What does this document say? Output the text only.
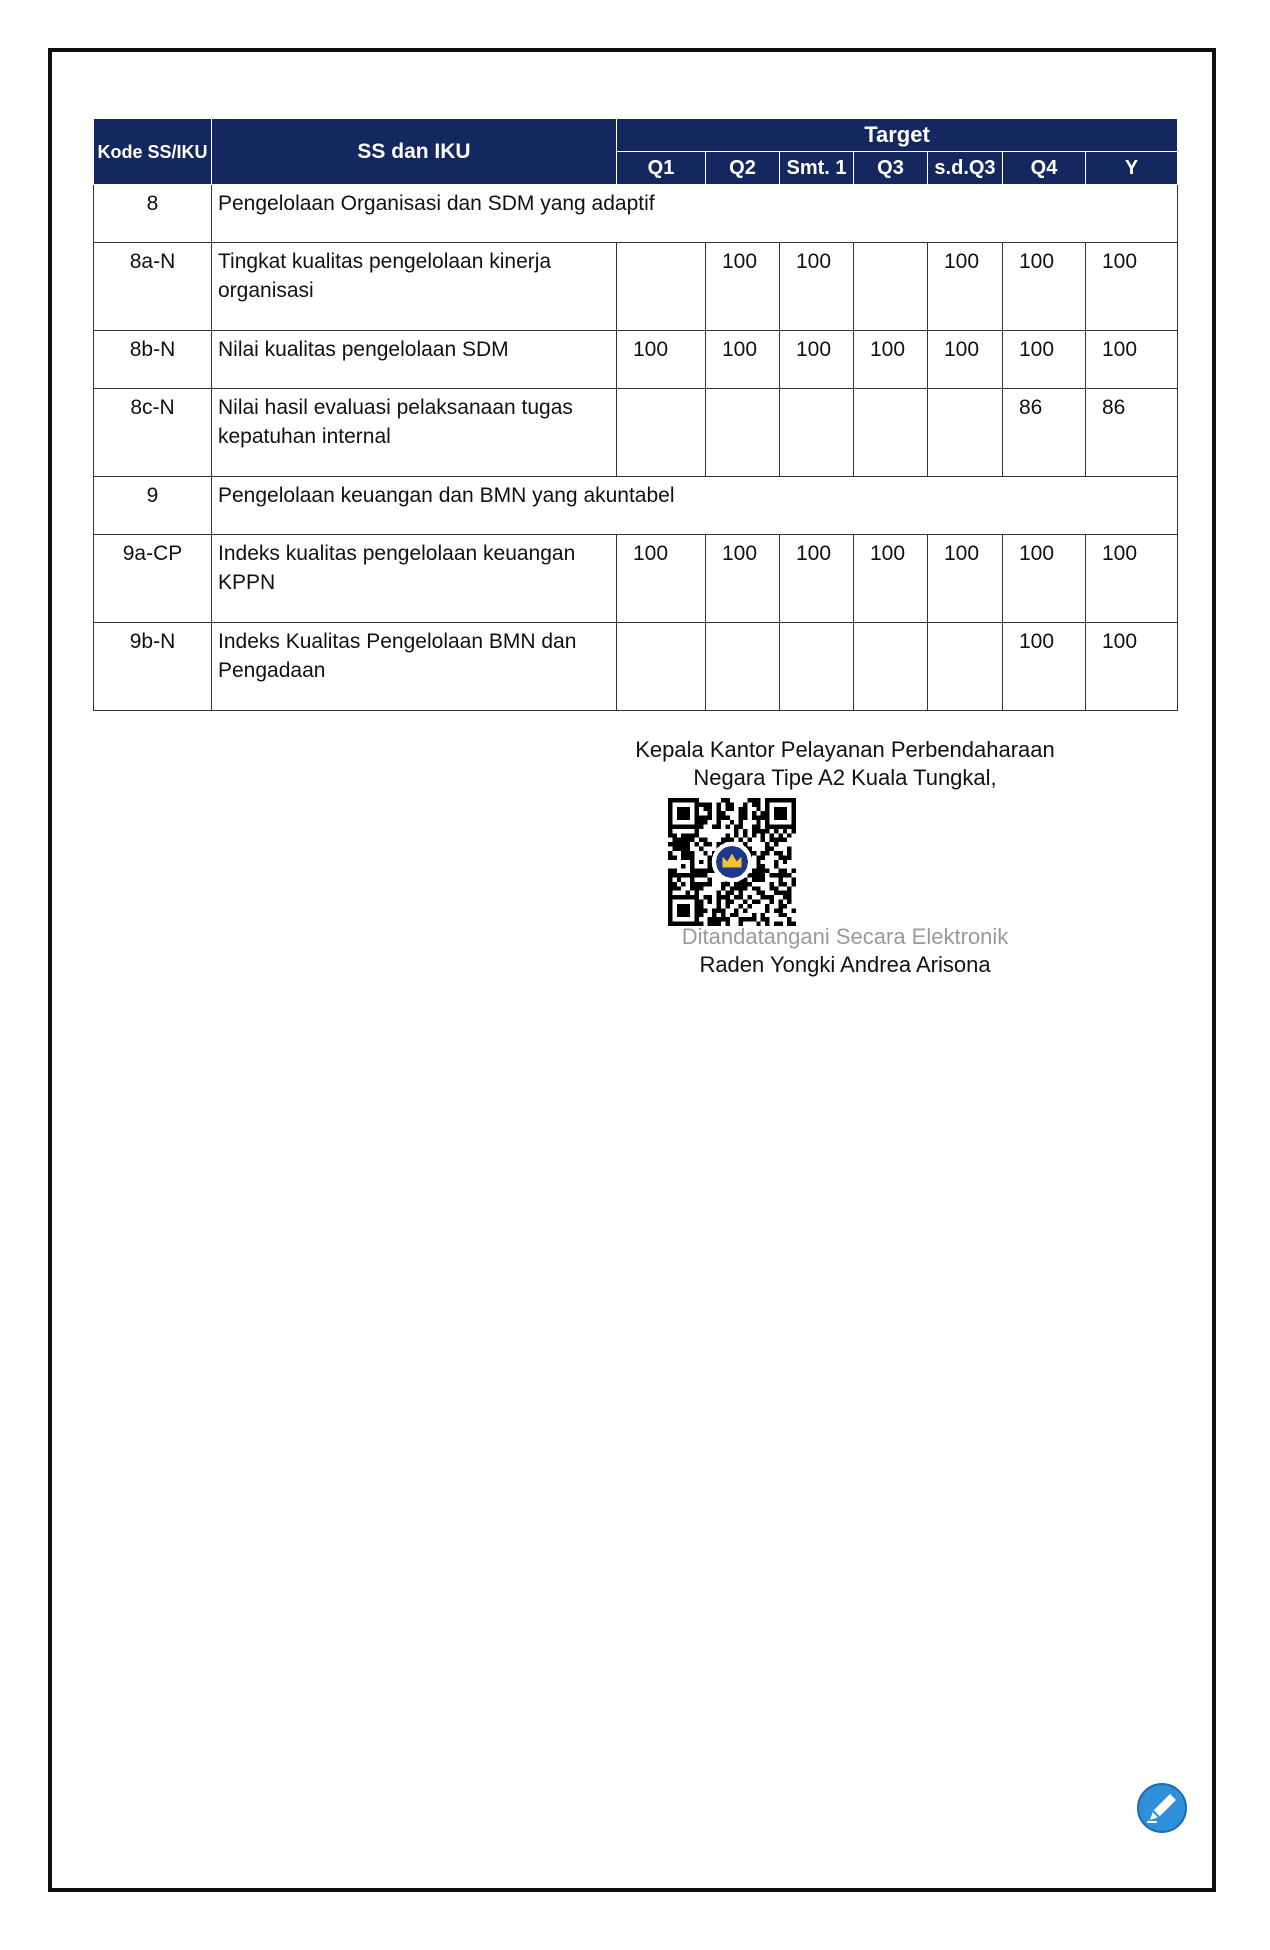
Kode SS/IKU	SS dan IKU	Target						
		Q1	Q2	Smt. 1	Q3	s.d.Q3	Q4	Y
8	Pengelolaan Organisasi dan SDM yang adaptif							
8a-N	Tingkat kualitas pengelolaan kinerja organisasi		100	100		100	100	100
8b-N	Nilai kualitas pengelolaan SDM	100	100	100	100	100	100	100
8c-N	Nilai hasil evaluasi pelaksanaan tugas kepatuhan internal						86	86
9	Pengelolaan keuangan dan BMN yang akuntabel							
9a-CP	Indeks kualitas pengelolaan keuangan KPPN	100	100	100	100	100	100	100
9b-N	Indeks Kualitas Pengelolaan BMN dan Pengadaan						100	100
Kepala Kantor Pelayanan Perbendaharaan
Negara Tipe A2 Kuala Tungkal,
Ditandatangani Secara Elektronik
Raden Yongki Andrea Arisona
